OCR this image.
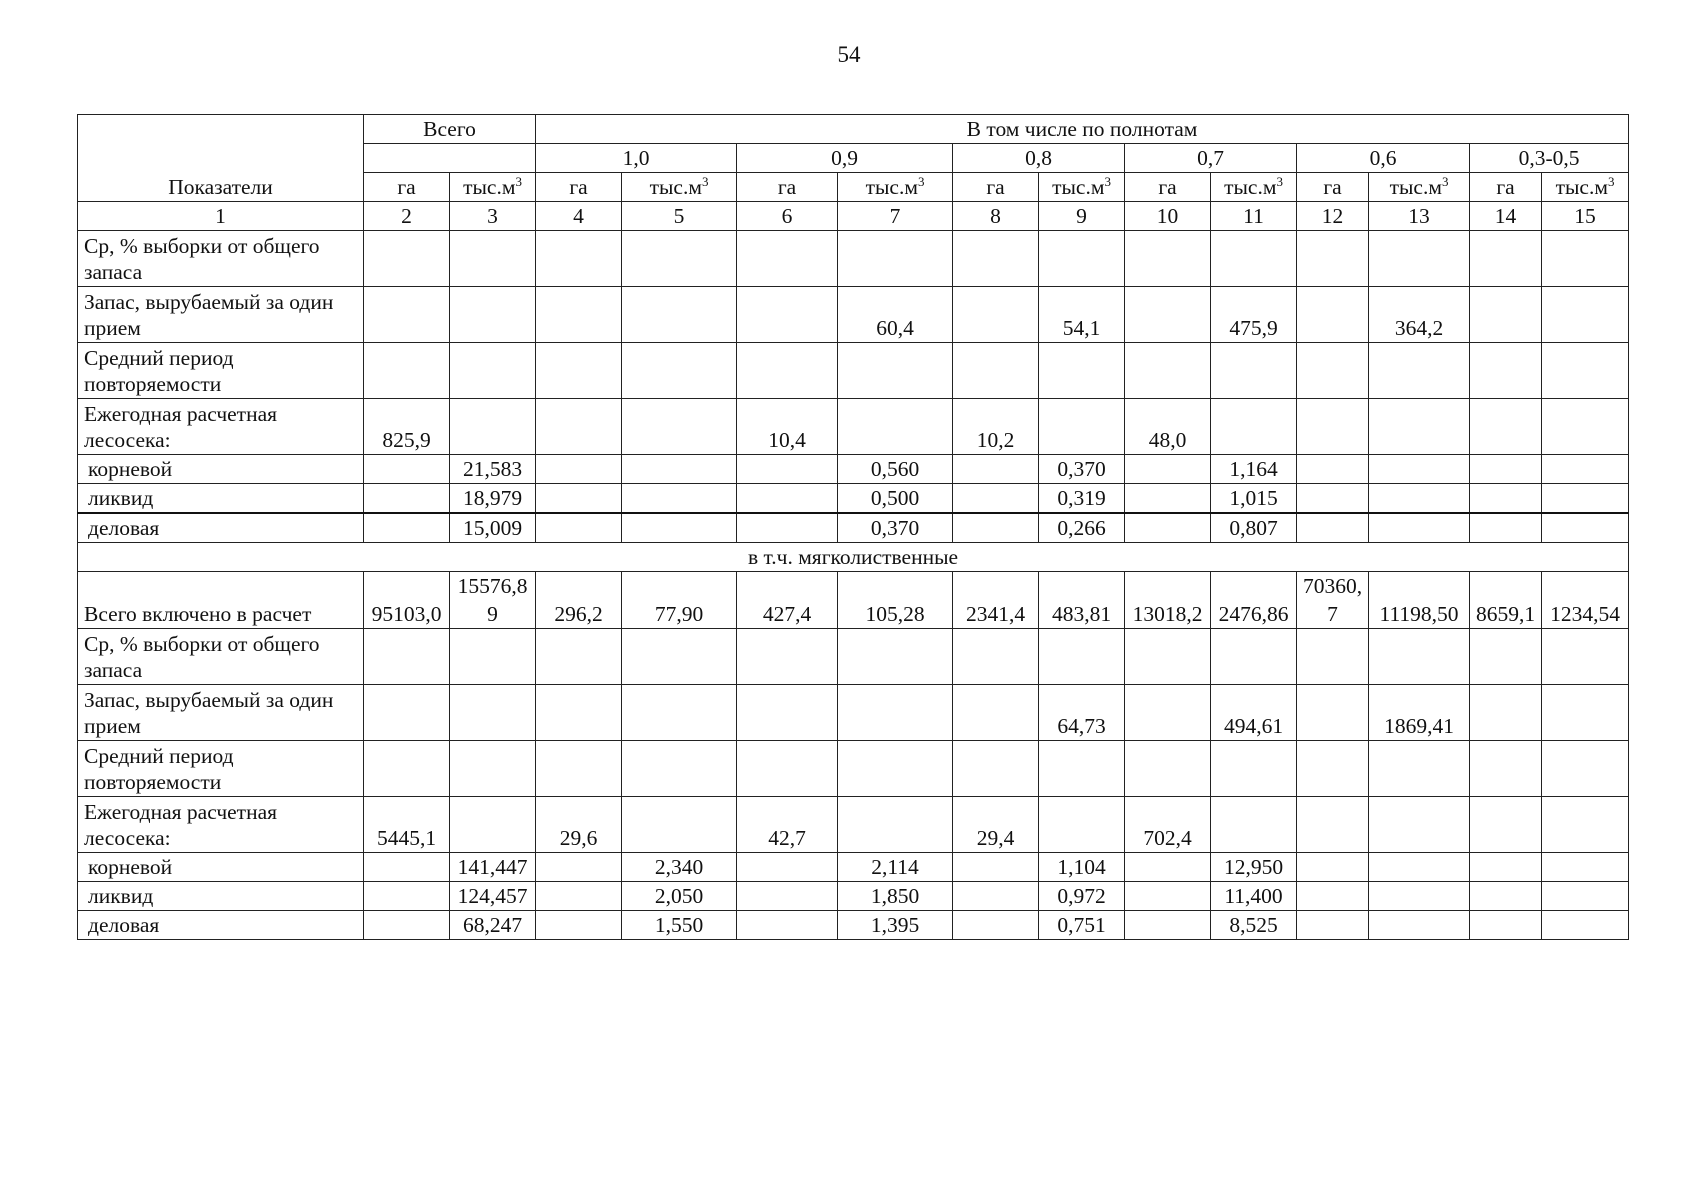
54
Показатели	Всего		В том числе по полнотам											
			1,0		0,9		0,8		0,7		0,6		0,3-0,5	
	га	$тыс.м^3$	га	$тыс.м^3$	га	$тыс.м^3$	га	$тыс.м^3$	га	$тыс.м^3$	га	$тыс.м^3$	га	$тыс.м^3$
1	2	3	4	5	6	7	8	9	10	11	12	13	14	15
Ср, % выборки от общего запаса														
Запас, вырубаемый за один прием						60,4		54,1		475,9		364,2		
Средний период повторяемости														
Ежегодная расчетная лесосека:	825,9				10,4		10,2		48,0					
корневой		21,583				0,560		0,370		1,164				
ликвид		18,979				0,500		0,319		1,015				
деловая		15,009				0,370		0,266		0,807				
в т.ч. мягколиственные														
Всего включено в расчет	95103,0	15576,89	296,2	77,90	427,4	105,28	2341,4	483,81	13018,2	2476,86	70360,7	11198,50	8659,1	1234,54
Ср, % выборки от общего запаса														
Запас, вырубаемый за один прием								64,73		494,61		1869,41		
Средний период повторяемости														
Ежегодная расчетная лесосека:	5445,1		29,6		42,7		29,4		702,4					
корневой		141,447		2,340		2,114		1,104		12,950				
ликвид		124,457		2,050		1,850		0,972		11,400				
деловая		68,247		1,550		1,395		0,751		8,525				
